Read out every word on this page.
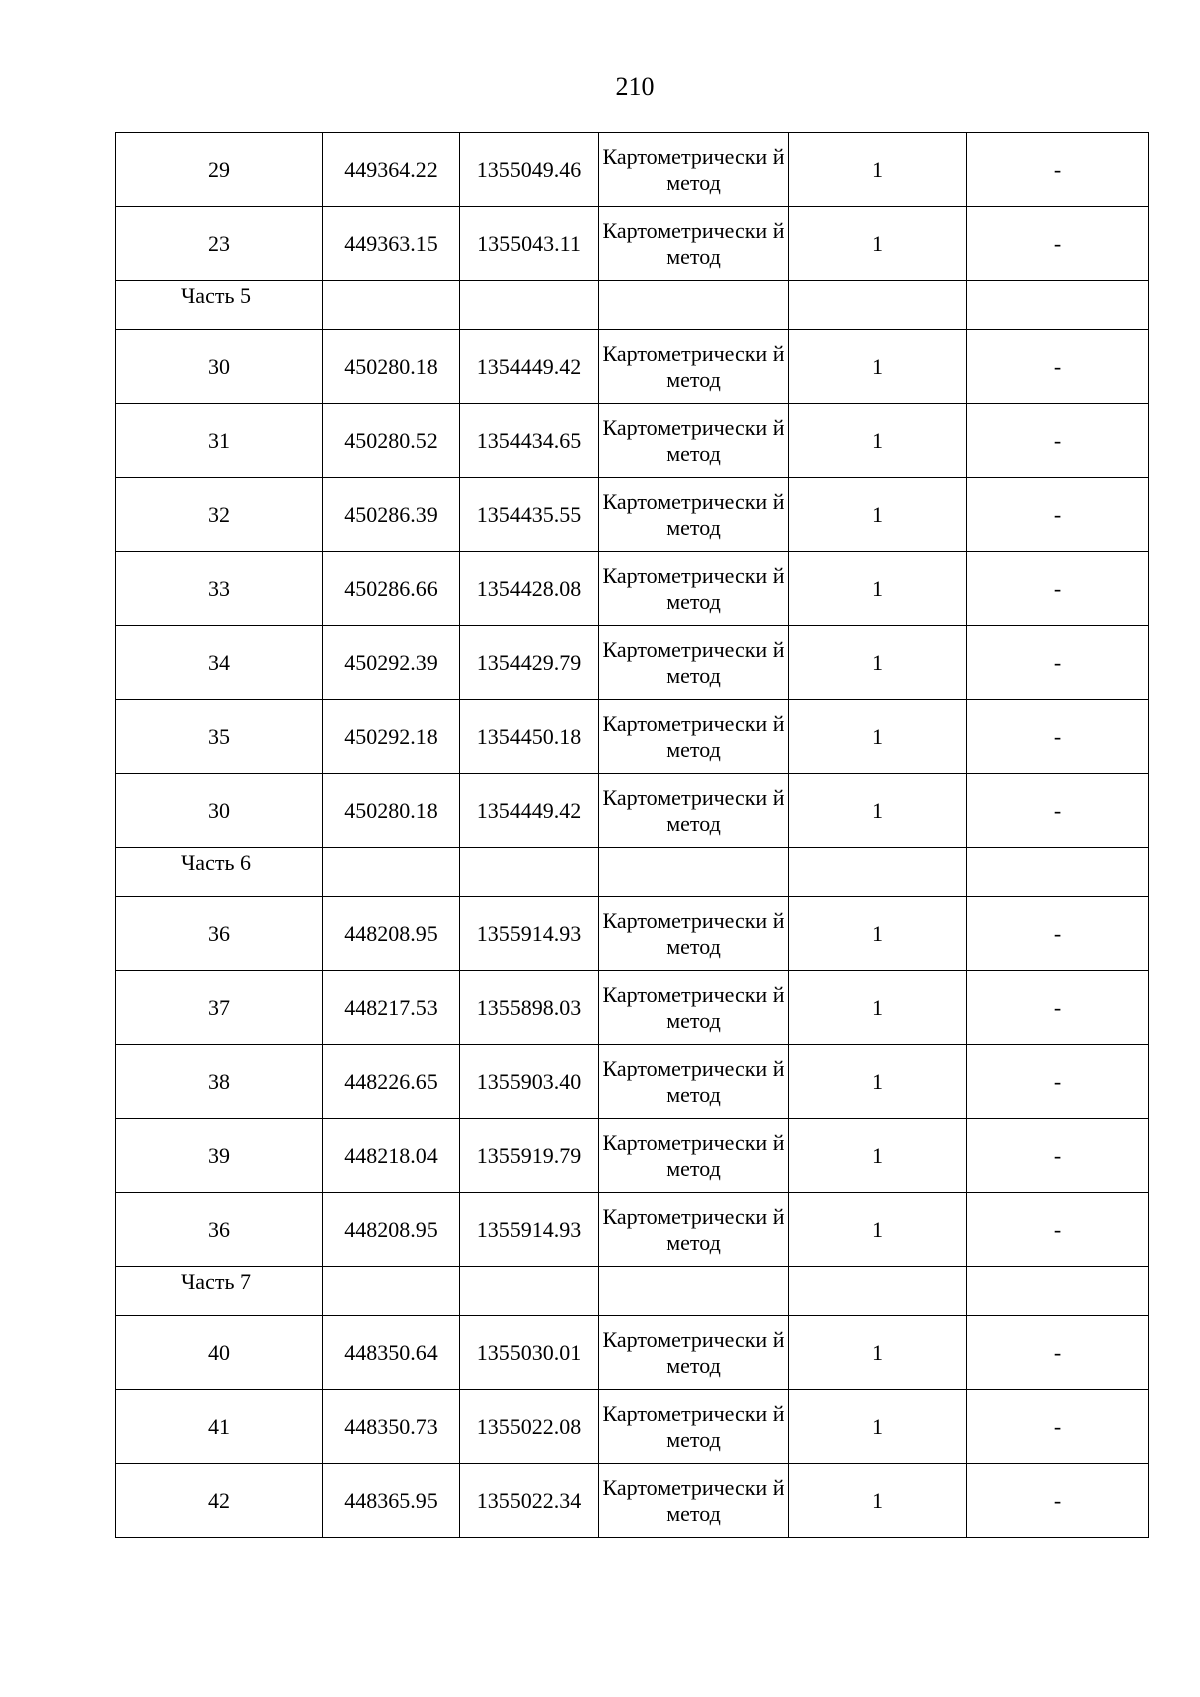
210
29	449364.22	1355049.46	Картометрически й метод	1	-
23	449363.15	1355043.11	Картометрически й метод	1	-
Часть 5					
30	450280.18	1354449.42	Картометрически й метод	1	-
31	450280.52	1354434.65	Картометрически й метод	1	-
32	450286.39	1354435.55	Картометрически й метод	1	-
33	450286.66	1354428.08	Картометрически й метод	1	-
34	450292.39	1354429.79	Картометрически й метод	1	-
35	450292.18	1354450.18	Картометрически й метод	1	-
30	450280.18	1354449.42	Картометрически й метод	1	-
Часть 6					
36	448208.95	1355914.93	Картометрически й метод	1	-
37	448217.53	1355898.03	Картометрически й метод	1	-
38	448226.65	1355903.40	Картометрически й метод	1	-
39	448218.04	1355919.79	Картометрически й метод	1	-
36	448208.95	1355914.93	Картометрически й метод	1	-
Часть 7					
40	448350.64	1355030.01	Картометрически й метод	1	-
41	448350.73	1355022.08	Картометрически й метод	1	-
42	448365.95	1355022.34	Картометрически й метод	1	-
